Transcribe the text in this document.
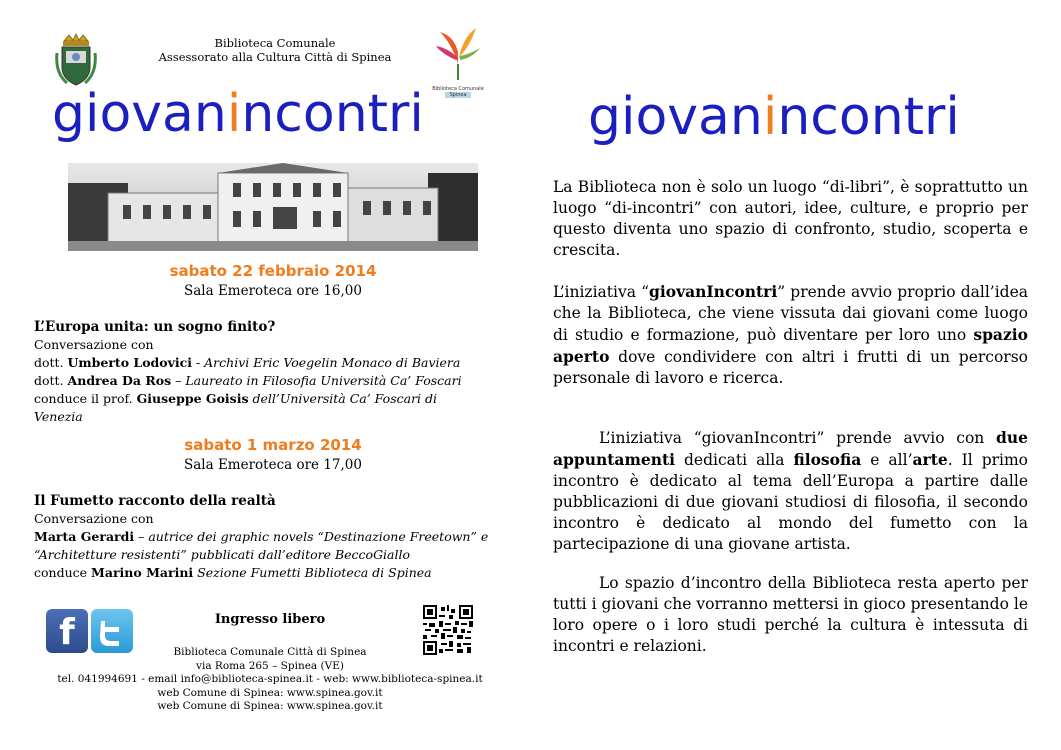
Biblioteca Comunale
Assessorato alla Cultura Città di Spinea
Biblioteca Comunale
Spinea
giovanincontri
sabato 22 febbraio 2014
Sala Emeroteca ore 16,00
L’Europa unita: un sogno finito?
Conversazione con
dott. Umberto Lodovici - Archivi Eric Voegelin Monaco di Baviera
dott. Andrea Da Ros – Laureato in Filosofia Università Ca’ Foscari
conduce il prof. Giuseppe Goisis dell’Università Ca’ Foscari di Venezia
sabato 1 marzo 2014
Sala Emeroteca ore 17,00
Il Fumetto racconto della realtà
Conversazione con
Marta Gerardi – autrice dei graphic novels “Destinazione Freetown” e “Architetture resistenti” pubblicati dall’editore BeccoGiallo
conduce Marino Marini Sezione Fumetti Biblioteca di Spinea
f	Ingresso libero
Biblioteca Comunale Città di Spinea
via Roma 265 – Spinea (VE)
tel. 041994691 - email info@biblioteca-spinea.it - web: www.biblioteca-spinea.it
web Comune di Spinea: www.spinea.gov.it
web Comune di Spinea: www.spinea.gov.it
giovanincontri
La Biblioteca non è solo un luogo “di-libri”, è soprattutto un luogo “di-incontri” con autori, idee, culture, e proprio per questo diventa uno spazio di confronto, studio, scoperta e crescita.
L’iniziativa “giovanIncontri” prende avvio proprio dall’idea che la Biblioteca, che viene vissuta dai giovani come luogo di studio e formazione, può diventare per loro uno spazio aperto dove condividere con altri i frutti di un percorso personale di lavoro e ricerca.
L’iniziativa “giovanIncontri” prende avvio con due appuntamenti dedicati alla filosofia e all’arte. Il primo incontro è dedicato al tema dell’Europa a partire dalle pubblicazioni di due giovani studiosi di filosofia, il secondo incontro è dedicato al mondo del fumetto con la partecipazione di una giovane artista.
Lo spazio d’incontro della Biblioteca resta aperto per tutti i giovani che vorranno mettersi in gioco presentando le loro opere o i loro studi perché la cultura è intessuta di incontri e relazioni.
